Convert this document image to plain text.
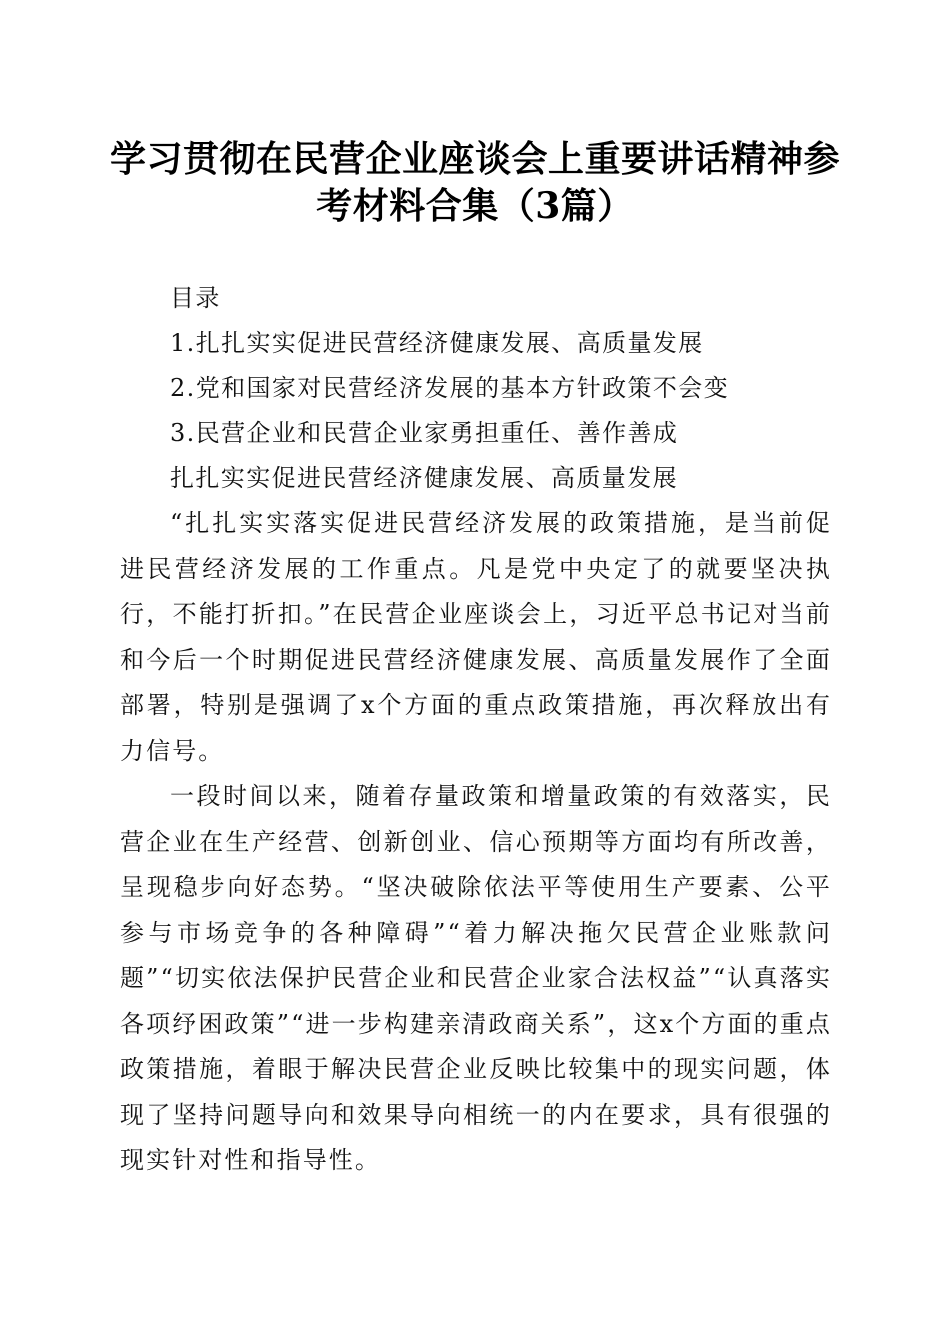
学习贯彻在民营企业座谈会上重要讲话精神参
考材料合集（3篇）

目录

1.扎扎实实促进民营经济健康发展、高质量发展

2.党和国家对民营经济发展的基本方针政策不会变

3.民营企业和民营企业家勇担重任、善作善成

扎扎实实促进民营经济健康发展、高质量发展

“扎扎实实落实促进民营经济发展的政策措施，是当前促进民营经济发展的工作重点。凡是党中央定了的就要坚决执行，不能打折扣。”在民营企业座谈会上，习近平总书记对当前和今后一个时期促进民营经济健康发展、高质量发展作了全面部署，特别是强调了x个方面的重点政策措施，再次释放出有力信号。

一段时间以来，随着存量政策和增量政策的有效落实，民营企业在生产经营、创新创业、信心预期等方面均有所改善，呈现稳步向好态势。“坚决破除依法平等使用生产要素、公平参与市场竞争的各种障碍”“着力解决拖欠民营企业账款问题”“切实依法保护民营企业和民营企业家合法权益”“认真落实各项纾困政策”“进一步构建亲清政商关系”，这x个方面的重点政策措施，着眼于解决民营企业反映比较集中的现实问题，体现了坚持问题导向和效果导向相统一的内在要求，具有很强的现实针对性和指导性。
